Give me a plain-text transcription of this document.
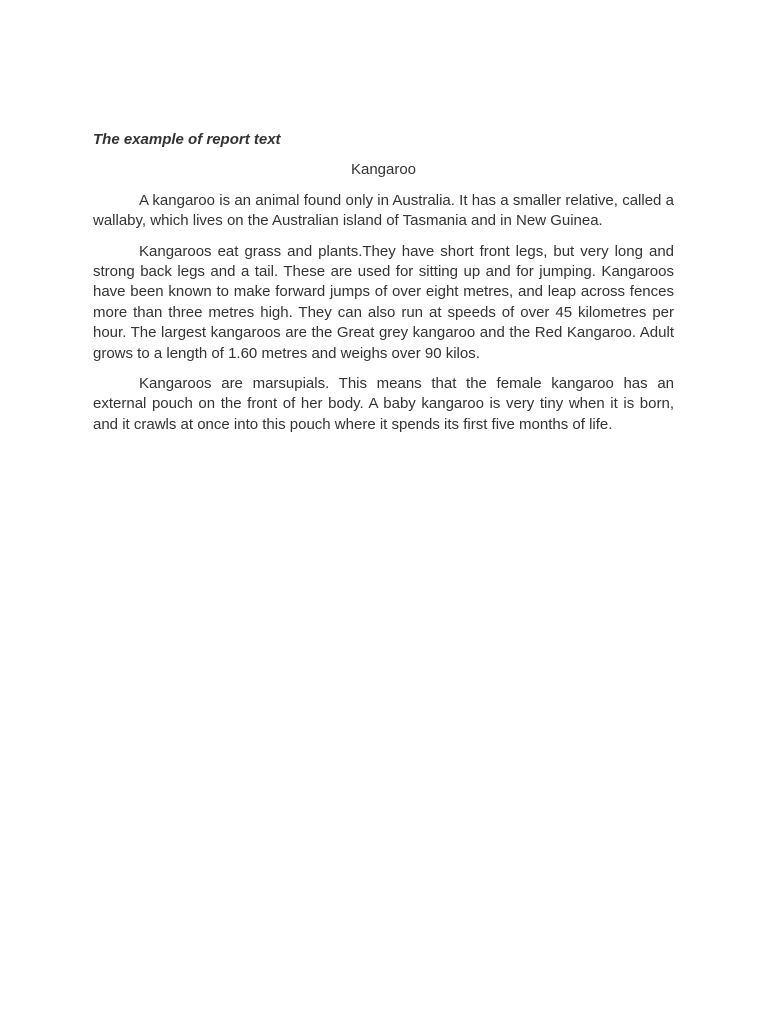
The example of report text

Kangaroo

A kangaroo is an animal found only in Australia. It has a smaller relative, called a wallaby, which lives on the Australian island of Tasmania and in New Guinea.

Kangaroos eat grass and plants.They have short front legs, but very long and strong back legs and a tail. These are used for sitting up and for jumping. Kangaroos have been known to make forward jumps of over eight metres, and leap across fences more than three metres high. They can also run at speeds of over 45 kilometres per hour. The largest kangaroos are the Great grey kangaroo and the Red Kangaroo. Adult grows to a length of 1.60 metres and weighs over 90 kilos.

Kangaroos are marsupials. This means that the female kangaroo has an external pouch on the front of her body. A baby kangaroo is very tiny when it is born, and it crawls at once into this pouch where it spends its first five months of life.
